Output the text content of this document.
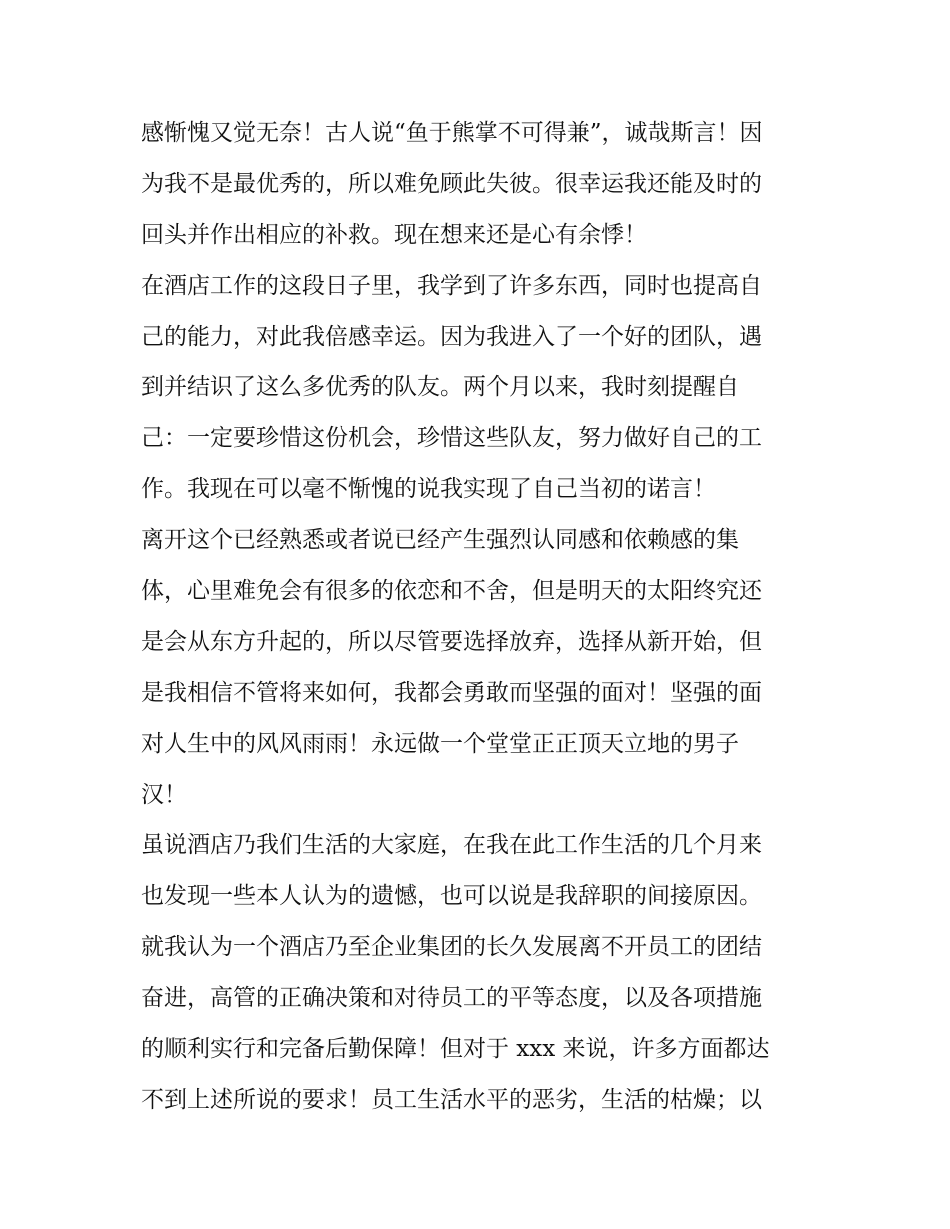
感惭愧又觉无奈！古人说“鱼于熊掌不可得兼”，诚哉斯言！因
为我不是最优秀的，所以难免顾此失彼。很幸运我还能及时的
回头并作出相应的补救。现在想来还是心有余悸！
在酒店工作的这段日子里，我学到了许多东西，同时也提高自
己的能力，对此我倍感幸运。因为我进入了一个好的团队，遇
到并结识了这么多优秀的队友。两个月以来，我时刻提醒自
己：一定要珍惜这份机会，珍惜这些队友，努力做好自己的工
作。我现在可以毫不惭愧的说我实现了自己当初的诺言！
离开这个已经熟悉或者说已经产生强烈认同感和依赖感的集
体，心里难免会有很多的依恋和不舍，但是明天的太阳终究还
是会从东方升起的，所以尽管要选择放弃，选择从新开始，但
是我相信不管将来如何，我都会勇敢而坚强的面对！坚强的面
对人生中的风风雨雨！永远做一个堂堂正正顶天立地的男子
汉！
虽说酒店乃我们生活的大家庭，在我在此工作生活的几个月来
也发现一些本人认为的遗憾，也可以说是我辞职的间接原因。
就我认为一个酒店乃至企业集团的长久发展离不开员工的团结
奋进，高管的正确决策和对待员工的平等态度，以及各项措施
的顺利实行和完备后勤保障！但对于 xxx 来说，许多方面都达
不到上述所说的要求！员工生活水平的恶劣，生活的枯燥；以
